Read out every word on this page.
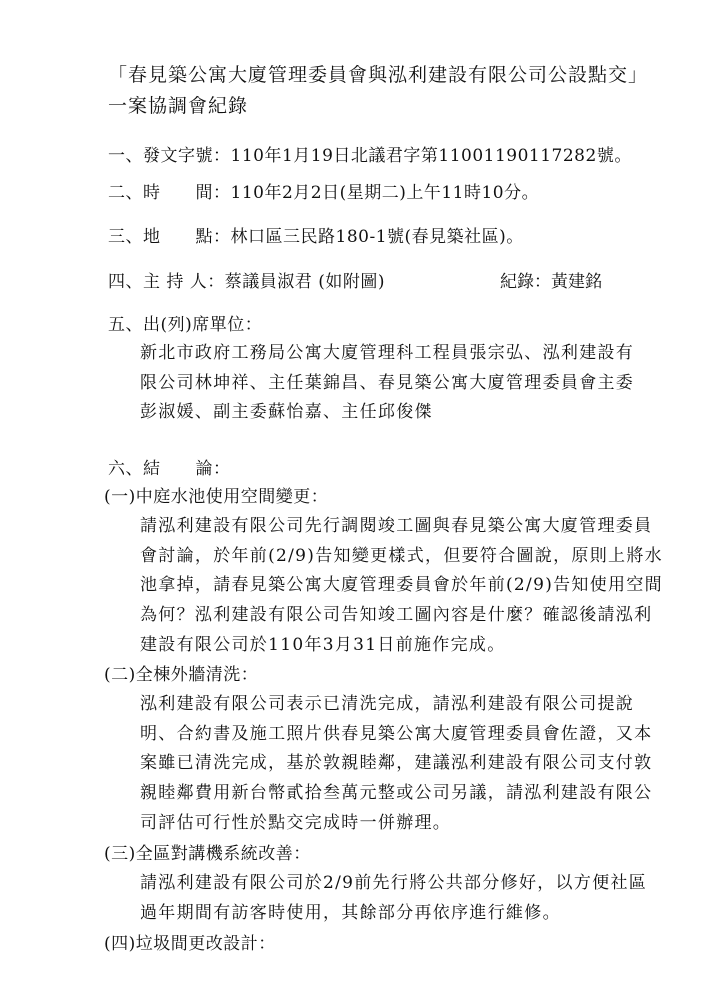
「春見築公寓大廈管理委員會與泓利建設有限公司公設點交」
一案協調會紀錄
一、發文字號：110年1月19日北議君字第11001190117282號。
二、時　　間：110年2月2日(星期二)上午11時10分。
三、地　　點：林口區三民路180-1號(春見築社區)。
四、主 持 人：蔡議員淑君 (如附圖)	紀錄：黃建銘
五、出(列)席單位：
新北市政府工務局公寓大廈管理科工程員張宗弘、泓利建設有
限公司林坤祥、主任葉錦昌、春見築公寓大廈管理委員會主委
彭淑媛、副主委蘇怡嘉、主任邱俊傑
六、結　　論：
(一)中庭水池使用空間變更：
請泓利建設有限公司先行調閱竣工圖與春見築公寓大廈管理委員
會討論，於年前(2/9)告知變更樣式，但要符合圖說，原則上將水
池拿掉，請春見築公寓大廈管理委員會於年前(2/9)告知使用空間
為何？泓利建設有限公司告知竣工圖內容是什麼？確認後請泓利
建設有限公司於110年3月31日前施作完成。
(二)全棟外牆清洗：
泓利建設有限公司表示已清洗完成，請泓利建設有限公司提說
明、合約書及施工照片供春見築公寓大廈管理委員會佐證，又本
案雖已清洗完成，基於敦親睦鄰，建議泓利建設有限公司支付敦
親睦鄰費用新台幣貳拾叁萬元整或公司另議，請泓利建設有限公
司評估可行性於點交完成時一併辦理。
(三)全區對講機系統改善：
請泓利建設有限公司於2/9前先行將公共部分修好，以方便社區
過年期間有訪客時使用，其餘部分再依序進行維修。
(四)垃圾間更改設計：
